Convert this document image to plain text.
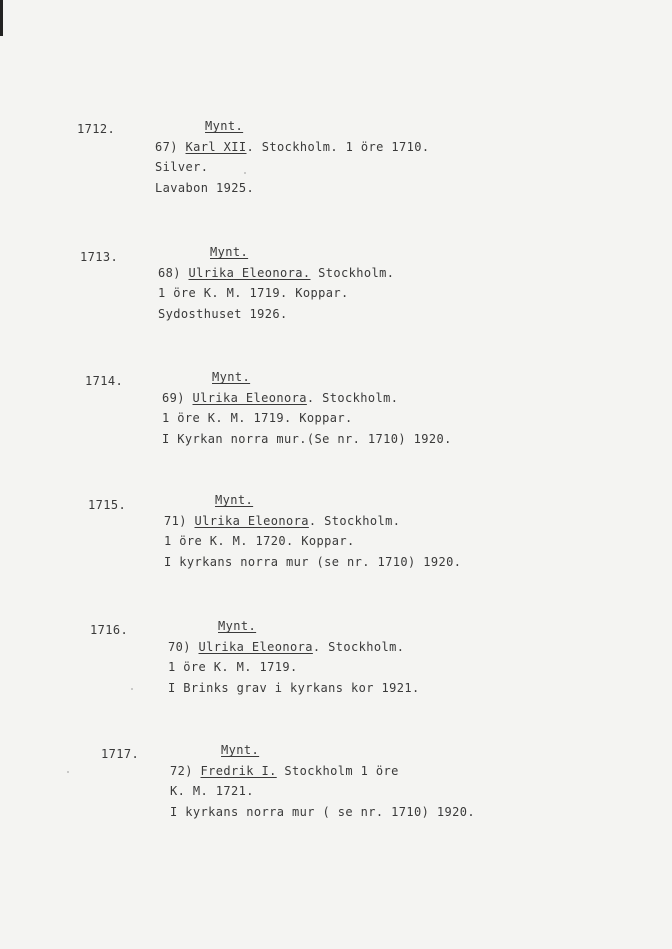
1712.	Mynt.
67) Karl XII. Stockholm. 1 öre 1710.
Silver.
Lavabon 1925.
1713.	Mynt.
68) Ulrika Eleonora. Stockholm.
1 öre K. M. 1719. Koppar.
Sydosthuset 1926.
1714.	Mynt.
69) Ulrika Eleonora. Stockholm.
1 öre K. M. 1719. Koppar.
I Kyrkan norra mur.(Se nr. 1710) 1920.
1715.	Mynt.
71) Ulrika Eleonora. Stockholm.
1 öre K. M. 1720. Koppar.
I kyrkans norra mur (se nr. 1710) 1920.
1716.	Mynt.
70) Ulrika Eleonora. Stockholm.
1 öre K. M. 1719.
I Brinks grav i kyrkans kor 1921.
1717.	Mynt.
72) Fredrik I. Stockholm 1 öre
K. M. 1721.
I kyrkans norra mur ( se nr. 1710) 1920.
